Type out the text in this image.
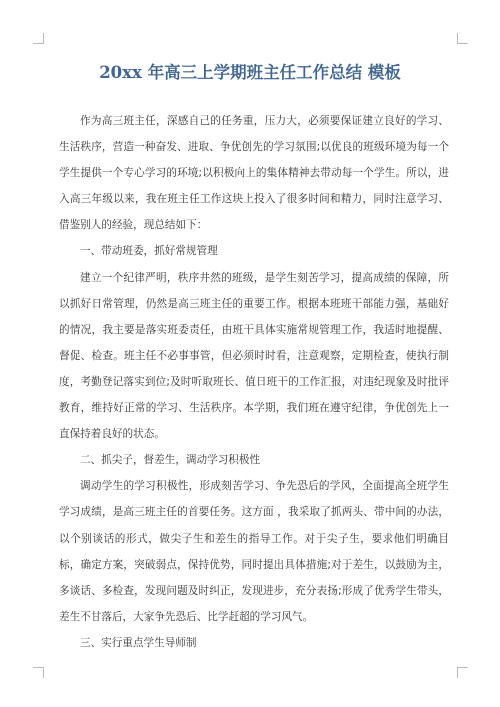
20xx 年高三上学期班主任工作总结 模板

作为高三班主任，深感自己的任务重，压力大，必须要保证建立良好的学习、生活秩序，营造一种奋发、进取、争优创先的学习氛围;以优良的班级环境为每一个学生提供一个专心学习的环境;以积极向上的集体精神去带动每一个学生。所以，进入高三年级以来，我在班主任工作这块上投入了很多时间和精力，同时注意学习、借鉴别人的经验，现总结如下：

一、带动班委，抓好常规管理

建立一个纪律严明，秩序井然的班级，是学生刻苦学习，提高成绩的保障，所以抓好日常管理，仍然是高三班主任的重要工作。根据本班班干部能力强，基础好的情况，我主要是落实班委责任，由班干具体实施常规管理工作，我适时地提醒、督促、检查。班主任不必事事管，但必须时时看，注意观察，定期检查，使执行制度，考勤登记落实到位;及时听取班长、值日班干的工作汇报，对违纪现象及时批评教育，维持好正常的学习、生活秩序。本学期，我们班在遵守纪律，争优创先上一直保持着良好的状态。

二、抓尖子，督差生，调动学习积极性

调动学生的学习积极性，形成刻苦学习、争先恐后的学风，全面提高全班学生学习成绩，是高三班主任的首要任务。这方面 ，我采取了抓两头、带中间的办法，以个别谈话的形式，做尖子生和差生的指导工作。对于尖子生，要求他们明确目标，确定方案，突破弱点，保持优势，同时提出具体措施;对于差生，以鼓励为主，多谈话、多检查，发现问题及时纠正，发现进步，充分表扬;形成了优秀学生带头，差生不甘落后，大家争先恐后、比学赶超的学习风气。

三、实行重点学生导师制
